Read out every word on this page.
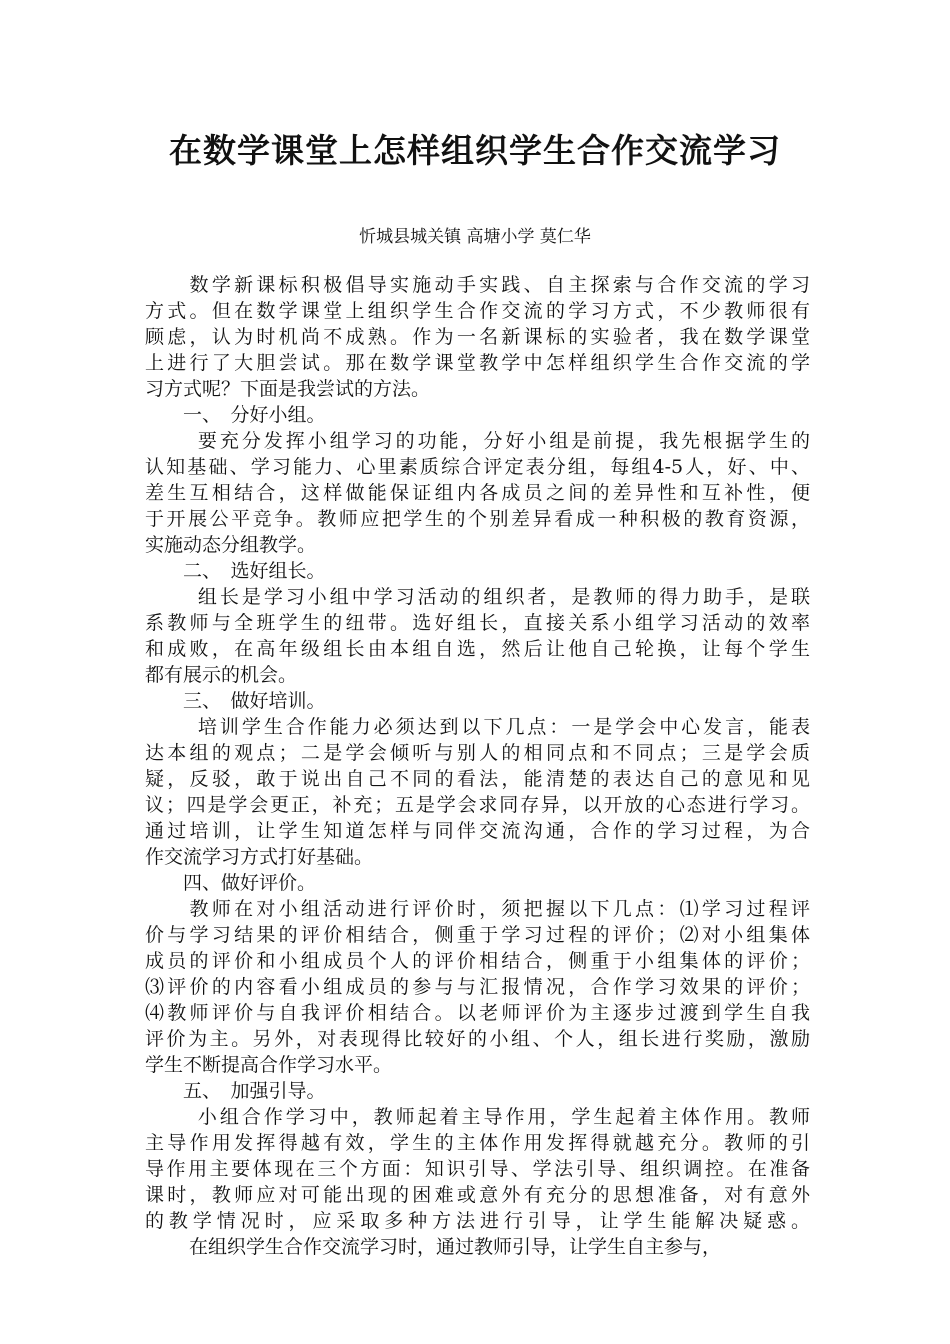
在数学课堂上怎样组织学生合作交流学习
忻城县城关镇 高塘小学 莫仁华
　　数学新课标积极倡导实施动手实践、自主探索与合作交流的学习
方式。但在数学课堂上组织学生合作交流的学习方式，不少教师很有
顾虑，认为时机尚不成熟。作为一名新课标的实验者，我在数学课堂
上进行了大胆尝试。那在数学课堂教学中怎样组织学生合作交流的学
习方式呢？下面是我尝试的方法。
　　一、　分好小组。
　　 要充分发挥小组学习的功能，分好小组是前提，我先根据学生的
认知基础、学习能力、心里素质综合评定表分组，每组4-5人，好、中、
差生互相结合，这样做能保证组内各成员之间的差异性和互补性，便
于开展公平竞争。教师应把学生的个别差异看成一种积极的教育资源，
实施动态分组教学。
　　二、　选好组长。
　　 组长是学习小组中学习活动的组织者，是教师的得力助手，是联
系教师与全班学生的纽带。选好组长，直接关系小组学习活动的效率
和成败，在高年级组长由本组自选，然后让他自己轮换，让每个学生
都有展示的机会。
　　三、　做好培训。
　　 培训学生合作能力必须达到以下几点：一是学会中心发言，能表
达本组的观点；二是学会倾听与别人的相同点和不同点；三是学会质
疑，反驳，敢于说出自己不同的看法，能清楚的表达自己的意见和见
议；四是学会更正，补充；五是学会求同存异，以开放的心态进行学习。
通过培训，让学生知道怎样与同伴交流沟通，合作的学习过程，为合
作交流学习方式打好基础。
　　四、做好评价。
　　教师在对小组活动进行评价时，须把握以下几点：⑴学习过程评
价与学习结果的评价相结合，侧重于学习过程的评价；⑵对小组集体
成员的评价和小组成员个人的评价相结合，侧重于小组集体的评价；
⑶评价的内容看小组成员的参与与汇报情况，合作学习效果的评价；
⑷教师评价与自我评价相结合。以老师评价为主逐步过渡到学生自我
评价为主。另外，对表现得比较好的小组、个人，组长进行奖励，激励
学生不断提高合作学习水平。
　　五、　加强引导。
　　 小组合作学习中，教师起着主导作用，学生起着主体作用。教师
主导作用发挥得越有效，学生的主体作用发挥得就越充分。教师的引
导作用主要体现在三个方面：知识引导、学法引导、组织调控。在准备
课时，教师应对可能出现的困难或意外有充分的思想准备，对有意外
的教学情况时，应采取多种方法进行引导，让学生能解决疑惑。
　　 在组织学生合作交流学习时，通过教师引导，让学生自主参与，
